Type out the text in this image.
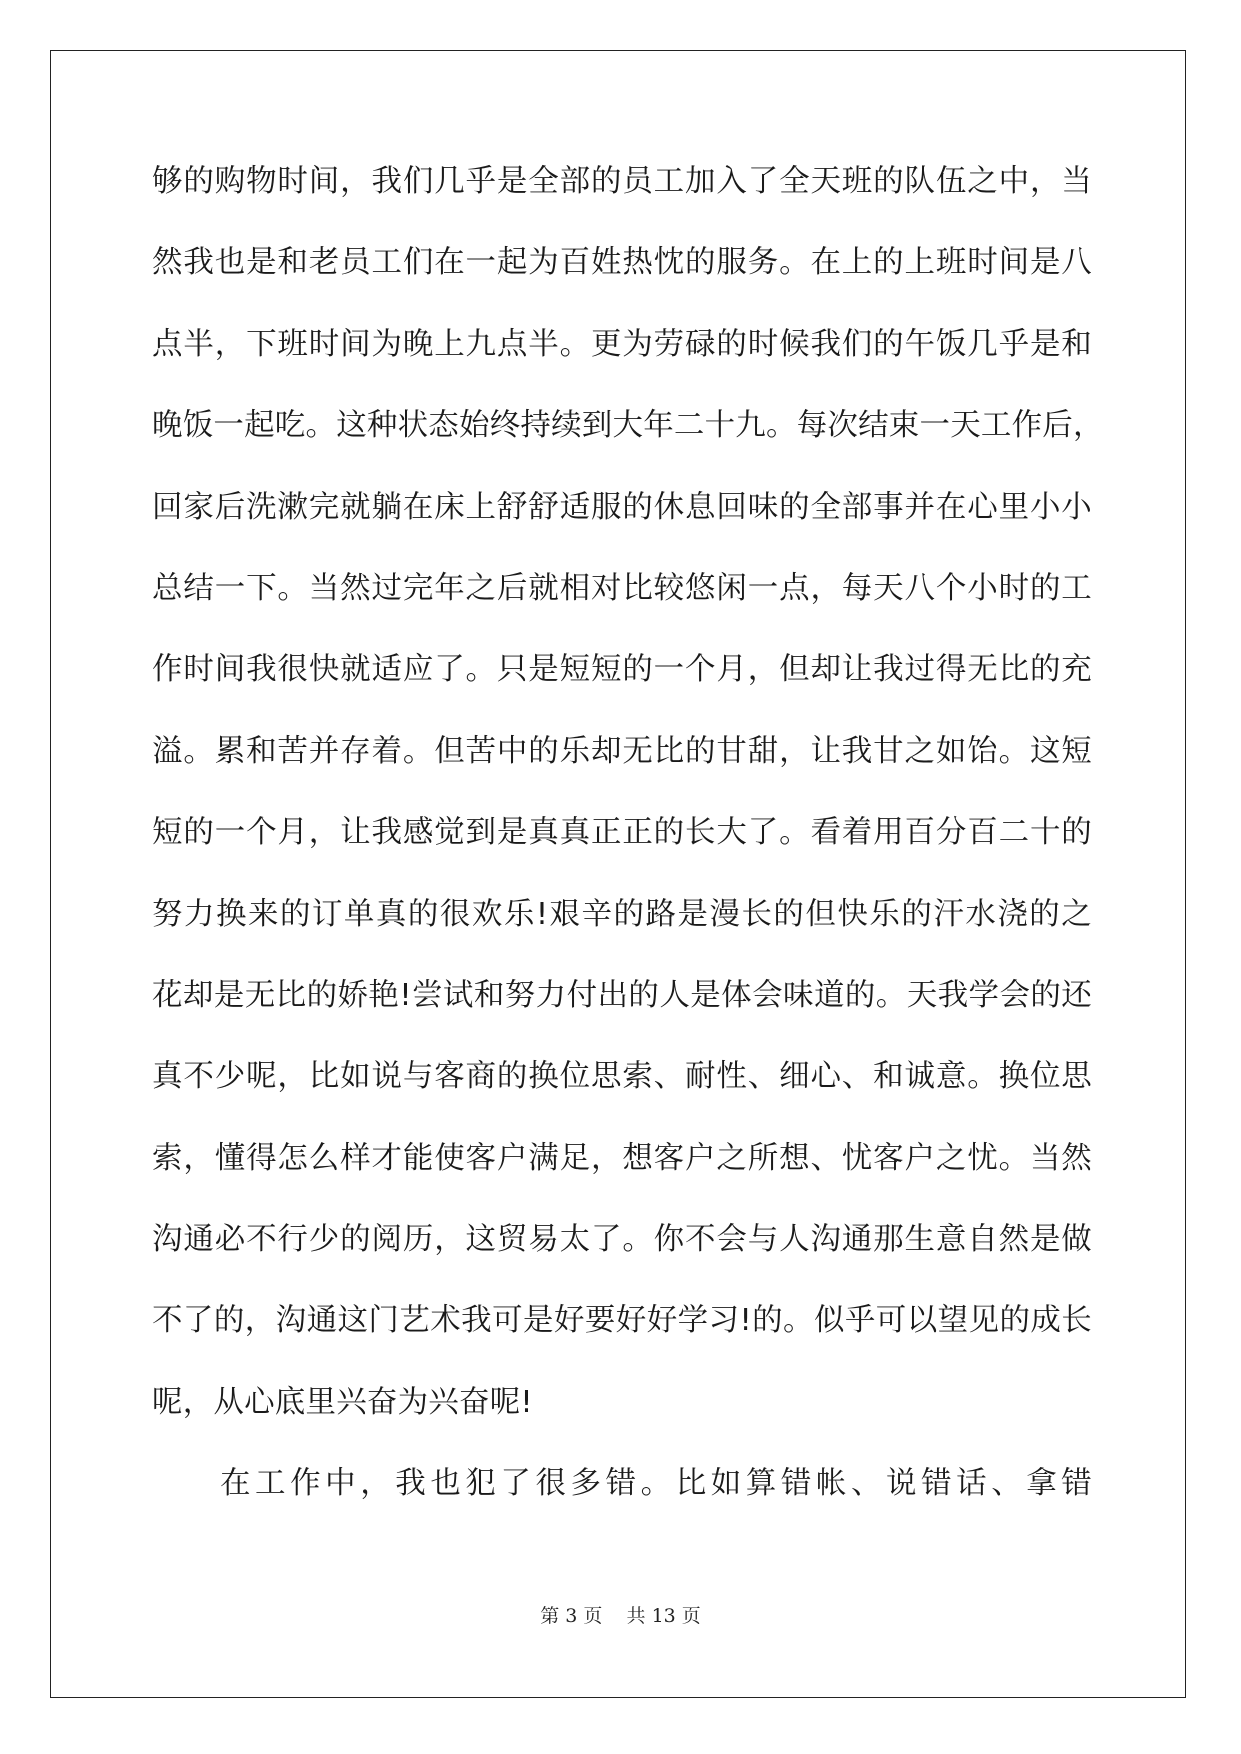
够的购物时间，我们几乎是全部的员工加入了全天班的队伍之中，当
然我也是和老员工们在一起为百姓热忱的服务。在上的上班时间是八
点半，下班时间为晚上九点半。更为劳碌的时候我们的午饭几乎是和
晚饭一起吃。这种状态始终持续到大年二十九。每次结束一天工作后，
回家后洗漱完就躺在床上舒舒适服的休息回味的全部事并在心里小小
总结一下。当然过完年之后就相对比较悠闲一点，每天八个小时的工
作时间我很快就适应了。只是短短的一个月，但却让我过得无比的充
溢。累和苦并存着。但苦中的乐却无比的甘甜，让我甘之如饴。这短
短的一个月，让我感觉到是真真正正的长大了。看着用百分百二十的
努力换来的订单真的很欢乐!艰辛的路是漫长的但快乐的汗水浇的之
花却是无比的娇艳!尝试和努力付出的人是体会味道的。天我学会的还
真不少呢，比如说与客商的换位思索、耐性、细心、和诚意。换位思
索，懂得怎么样才能使客户满足，想客户之所想、忧客户之忧。当然
沟通必不行少的阅历，这贸易太了。你不会与人沟通那生意自然是做
不了的，沟通这门艺术我可是好要好好学习!的。似乎可以望见的成长
呢，从心底里兴奋为兴奋呢!
在工作中，我也犯了很多错。比如算错帐、说错话、拿错
第 3 页 共 13 页
